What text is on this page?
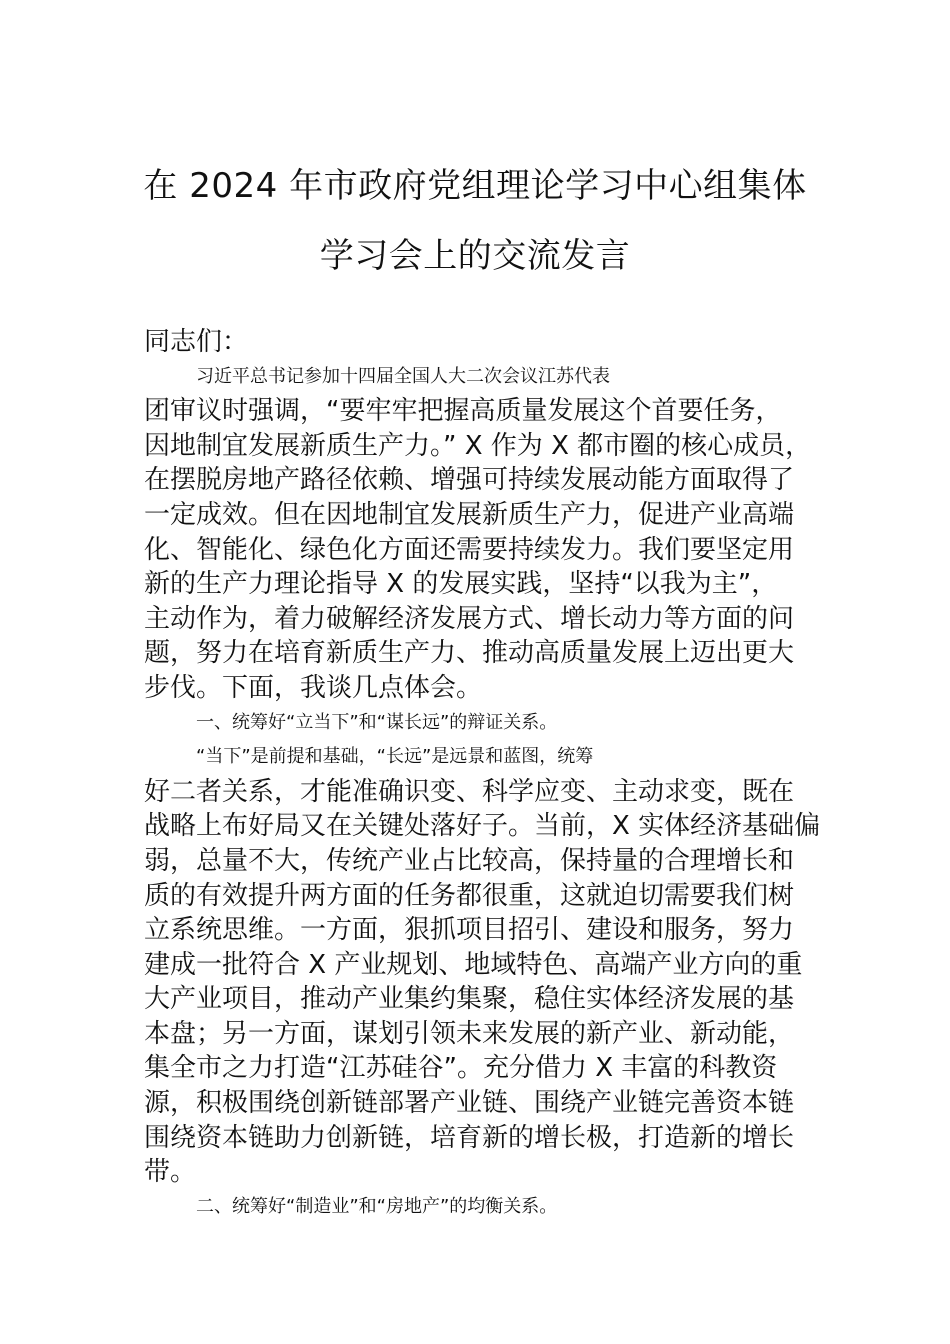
在 2024 年市政府党组理论学习中心组集体
学习会上的交流发言
同志们：
习近平总书记参加十四届全国人大二次会议江苏代表
团审议时强调，“要牢牢把握高质量发展这个首要任务，
因地制宜发展新质生产力。” X 作为 X 都市圈的核心成员，
在摆脱房地产路径依赖、增强可持续发展动能方面取得了
一定成效。但在因地制宜发展新质生产力，促进产业高端
化、智能化、绿色化方面还需要持续发力。我们要坚定用
新的生产力理论指导 X 的发展实践，坚持“以我为主”，
主动作为，着力破解经济发展方式、增长动力等方面的问
题，努力在培育新质生产力、推动高质量发展上迈出更大
步伐。下面，我谈几点体会。
一、统筹好“立当下”和“谋长远”的辩证关系。
“当下”是前提和基础，“长远”是远景和蓝图，统筹
好二者关系，才能准确识变、科学应变、主动求变，既在
战略上布好局又在关键处落好子。当前，X 实体经济基础偏
弱，总量不大，传统产业占比较高，保持量的合理增长和
质的有效提升两方面的任务都很重，这就迫切需要我们树
立系统思维。一方面，狠抓项目招引、建设和服务，努力
建成一批符合 X 产业规划、地域特色、高端产业方向的重
大产业项目，推动产业集约集聚，稳住实体经济发展的基
本盘；另一方面，谋划引领未来发展的新产业、新动能，
集全市之力打造“江苏硅谷”。充分借力 X 丰富的科教资
源，积极围绕创新链部署产业链、围绕产业链完善资本链
围绕资本链助力创新链，培育新的增长极，打造新的增长
带。
二、统筹好“制造业”和“房地产”的均衡关系。
